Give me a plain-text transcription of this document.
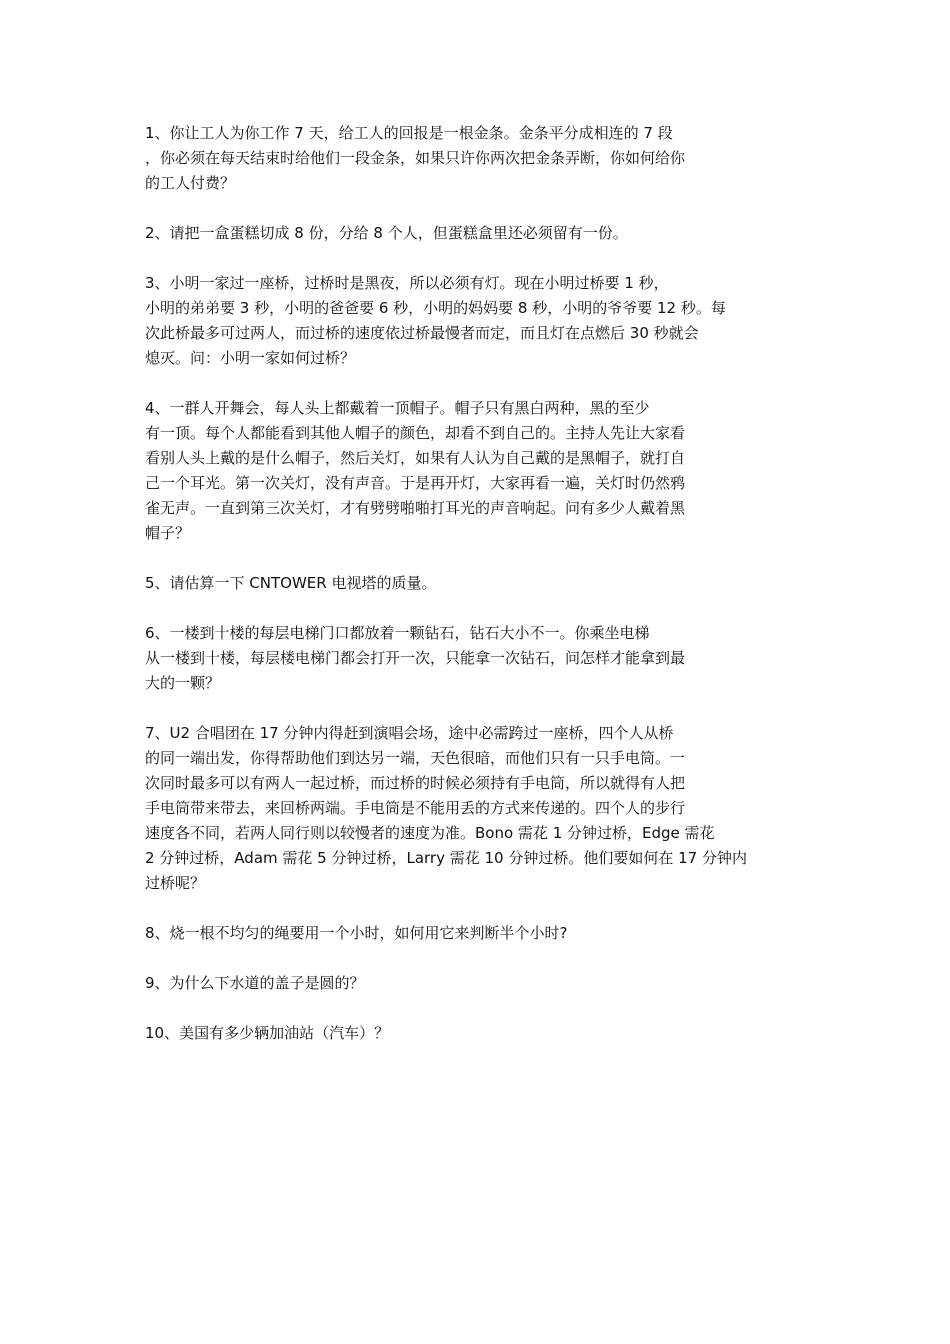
1、你让工人为你工作 7 天，给工人的回报是一根金条。金条平分成相连的 7 段
，你必须在每天结束时给他们一段金条，如果只许你两次把金条弄断，你如何给你
的工人付费？
2、请把一盒蛋糕切成 8 份，分给 8 个人，但蛋糕盒里还必须留有一份。
3、小明一家过一座桥，过桥时是黑夜，所以必须有灯。现在小明过桥要 1 秒，
小明的弟弟要 3 秒，小明的爸爸要 6 秒，小明的妈妈要 8 秒，小明的爷爷要 12 秒。每
次此桥最多可过两人，而过桥的速度依过桥最慢者而定，而且灯在点燃后 30 秒就会
熄灭。问：小明一家如何过桥？
4、一群人开舞会，每人头上都戴着一顶帽子。帽子只有黑白两种，黑的至少
有一顶。每个人都能看到其他人帽子的颜色，却看不到自己的。主持人先让大家看
看别人头上戴的是什么帽子，然后关灯，如果有人认为自己戴的是黑帽子，就打自
己一个耳光。第一次关灯，没有声音。于是再开灯，大家再看一遍，关灯时仍然鸦
雀无声。一直到第三次关灯，才有劈劈啪啪打耳光的声音响起。问有多少人戴着黑
帽子？
5、请估算一下 CNTOWER 电视塔的质量。
6、一楼到十楼的每层电梯门口都放着一颗钻石，钻石大小不一。你乘坐电梯
从一楼到十楼，每层楼电梯门都会打开一次，只能拿一次钻石，问怎样才能拿到最
大的一颗？
7、U2 合唱团在 17 分钟内得赶到演唱会场，途中必需跨过一座桥，四个人从桥
的同一端出发，你得帮助他们到达另一端，天色很暗，而他们只有一只手电筒。一
次同时最多可以有两人一起过桥，而过桥的时候必须持有手电筒，所以就得有人把
手电筒带来带去，来回桥两端。手电筒是不能用丢的方式来传递的。四个人的步行
速度各不同，若两人同行则以较慢者的速度为准。Bono 需花 1 分钟过桥，Edge 需花
2 分钟过桥，Adam 需花 5 分钟过桥，Larry 需花 10 分钟过桥。他们要如何在 17 分钟内
过桥呢？
8、烧一根不均匀的绳要用一个小时，如何用它来判断半个小时?
9、为什么下水道的盖子是圆的？
10、美国有多少辆加油站（汽车）？
